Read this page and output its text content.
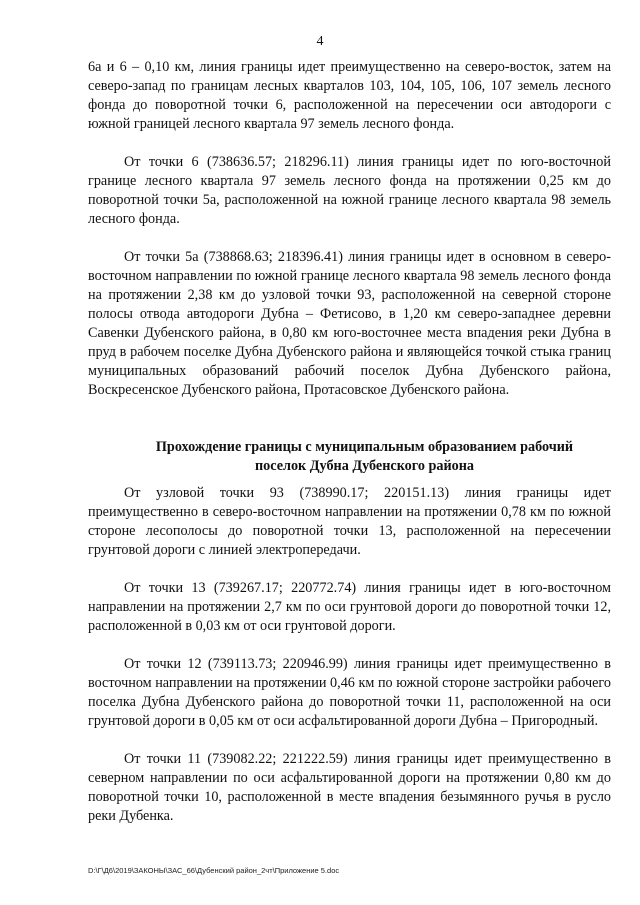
4

6а и 6 – 0,10 км, линия границы идет преимущественно на северо-восток, затем на северо-запад по границам лесных кварталов 103, 104, 105, 106, 107 земель лесного фонда до поворотной точки 6, расположенной на пересечении оси автодороги с южной границей лесного квартала 97 земель лесного фонда.

От точки 6 (738636.57; 218296.11) линия границы идет по юго-восточной границе лесного квартала 97 земель лесного фонда на протяжении 0,25 км до поворотной точки 5а, расположенной на южной границе лесного квартала 98 земель лесного фонда.

От точки 5а (738868.63; 218396.41) линия границы идет в основном в северо-восточном направлении по южной границе лесного квартала 98 земель лесного фонда на протяжении 2,38 км до узловой точки 93, расположенной на северной стороне полосы отвода автодороги Дубна – Фетисово, в 1,20 км северо-западнее деревни Савенки Дубенского района, в 0,80 км юго-восточнее места впадения реки Дубна в пруд в рабочем поселке Дубна Дубенского района и являющейся точкой стыка границ муниципальных образований рабочий поселок Дубна Дубенского района, Воскресенское Дубенского района, Протасовское Дубенского района.

Прохождение границы с муниципальным образованием рабочий
поселок Дубна Дубенского района

От узловой точки 93 (738990.17; 220151.13) линия границы идет преимущественно в северо-восточном направлении на протяжении 0,78 км по южной стороне лесополосы до поворотной точки 13, расположенной на пересечении грунтовой дороги с линией электропередачи.

От точки 13 (739267.17; 220772.74) линия границы идет в юго-восточном направлении на протяжении 2,7 км по оси грунтовой дороги до поворотной точки 12, расположенной в 0,03 км от оси грунтовой дороги.

От точки 12 (739113.73; 220946.99) линия границы идет преимущественно в восточном направлении на протяжении 0,46 км по южной стороне застройки рабочего поселка Дубна Дубенского района до поворотной точки 11, расположенной на оси грунтовой дороги в 0,05 км от оси асфальтированной дороги Дубна – Пригородный.

От точки 11 (739082.22; 221222.59) линия границы идет преимущественно в северном направлении по оси асфальтированной дороги на протяжении 0,80 км до поворотной точки 10, расположенной в месте впадения безымянного ручья в русло реки Дубенка.

D:\Г\Д6\2019\ЗАКОНЫ\ЗАС_66\Дубенский район_2чт\Приложение 5.doc
